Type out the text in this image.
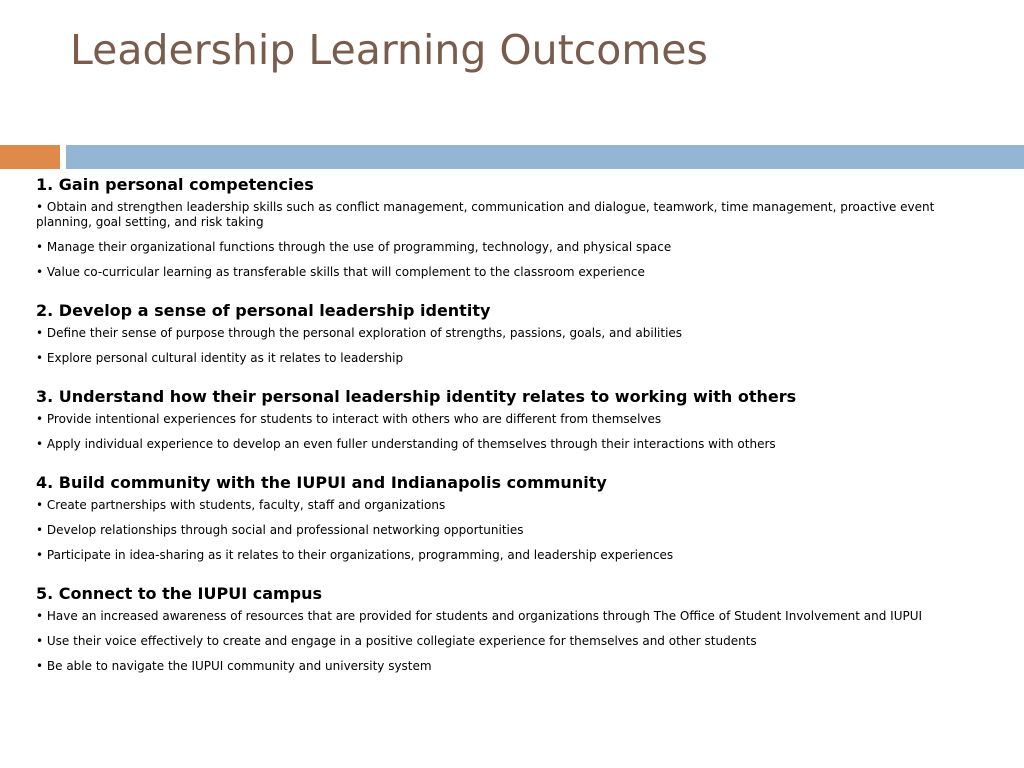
Leadership Learning Outcomes
1. Gain personal competencies
• Obtain and strengthen leadership skills such as conflict management, communication and dialogue, teamwork, time management, proactive event planning, goal setting, and risk taking
• Manage their organizational functions through the use of programming, technology, and physical space
• Value co-curricular learning as transferable skills that will complement to the classroom experience
2. Develop a sense of personal leadership identity
• Define their sense of purpose through the personal exploration of strengths, passions, goals, and abilities
• Explore personal cultural identity as it relates to leadership
3. Understand how their personal leadership identity relates to working with others
• Provide intentional experiences for students to interact with others who are different from themselves
• Apply individual experience to develop an even fuller understanding of themselves through their interactions with others
4. Build community with the IUPUI and Indianapolis community
• Create partnerships with students, faculty, staff and organizations
• Develop relationships through social and professional networking opportunities
• Participate in idea-sharing as it relates to their organizations, programming, and leadership experiences
5. Connect to the IUPUI campus
• Have an increased awareness of resources that are provided for students and organizations through The Office of Student Involvement and IUPUI
• Use their voice effectively to create and engage in a positive collegiate experience for themselves and other students
• Be able to navigate the IUPUI community and university system
